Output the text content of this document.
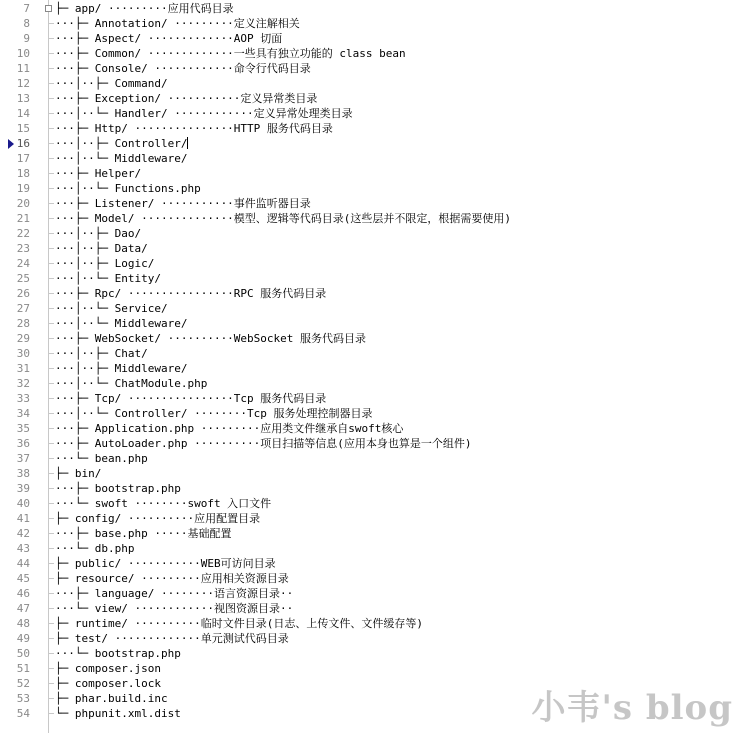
7 ├─ app/ ·········应用代码目录
8 ···├─ Annotation/ ·········定义注解相关
9 ···├─ Aspect/ ·············AOP 切面
10 ···├─ Common/ ·············一些具有独立功能的 class bean
11 ···├─ Console/ ············命令行代码目录
12 ···│··├─ Command/
13 ···├─ Exception/ ···········定义异常类目录
14 ···│··└─ Handler/ ············定义异常处理类目录
15 ···├─ Http/ ···············HTTP 服务代码目录
16 ···│··├─ Controller/
17 ···│··└─ Middleware/
18 ···├─ Helper/
19 ···│··└─ Functions.php
20 ···├─ Listener/ ···········事件监听器目录
21 ···├─ Model/ ··············模型、逻辑等代码目录(这些层并不限定，根据需要使用)
22 ···│··├─ Dao/
23 ···│··├─ Data/
24 ···│··├─ Logic/
25 ···│··└─ Entity/
26 ···├─ Rpc/ ················RPC 服务代码目录
27 ···│··└─ Service/
28 ···│··└─ Middleware/
29 ···├─ WebSocket/ ··········WebSocket 服务代码目录
30 ···│··├─ Chat/
31 ···│··├─ Middleware/
32 ···│··└─ ChatModule.php
33 ···├─ Tcp/ ················Tcp 服务代码目录
34 ···│··└─ Controller/ ········Tcp 服务处理控制器目录
35 ···├─ Application.php ·········应用类文件继承自swoft核心
36 ···├─ AutoLoader.php ··········项目扫描等信息(应用本身也算是一个组件)
37 ···└─ bean.php
38 ├─ bin/
39 ···├─ bootstrap.php
40 ···└─ swoft ········swoft 入口文件
41 ├─ config/ ··········应用配置目录
42 ···├─ base.php ·····基础配置
43 ···└─ db.php
44 ├─ public/ ···········WEB可访问目录
45 ├─ resource/ ·········应用相关资源目录
46 ···├─ language/ ········语言资源目录··
47 ···└─ view/ ············视图资源目录··
48 ├─ runtime/ ··········临时文件目录(日志、上传文件、文件缓存等)
49 ├─ test/ ·············单元测试代码目录
50 ···└─ bootstrap.php
51 ├─ composer.json
52 ├─ composer.lock
53 ├─ phar.build.inc
54 └─ phpunit.xml.dist	小韦's blog
